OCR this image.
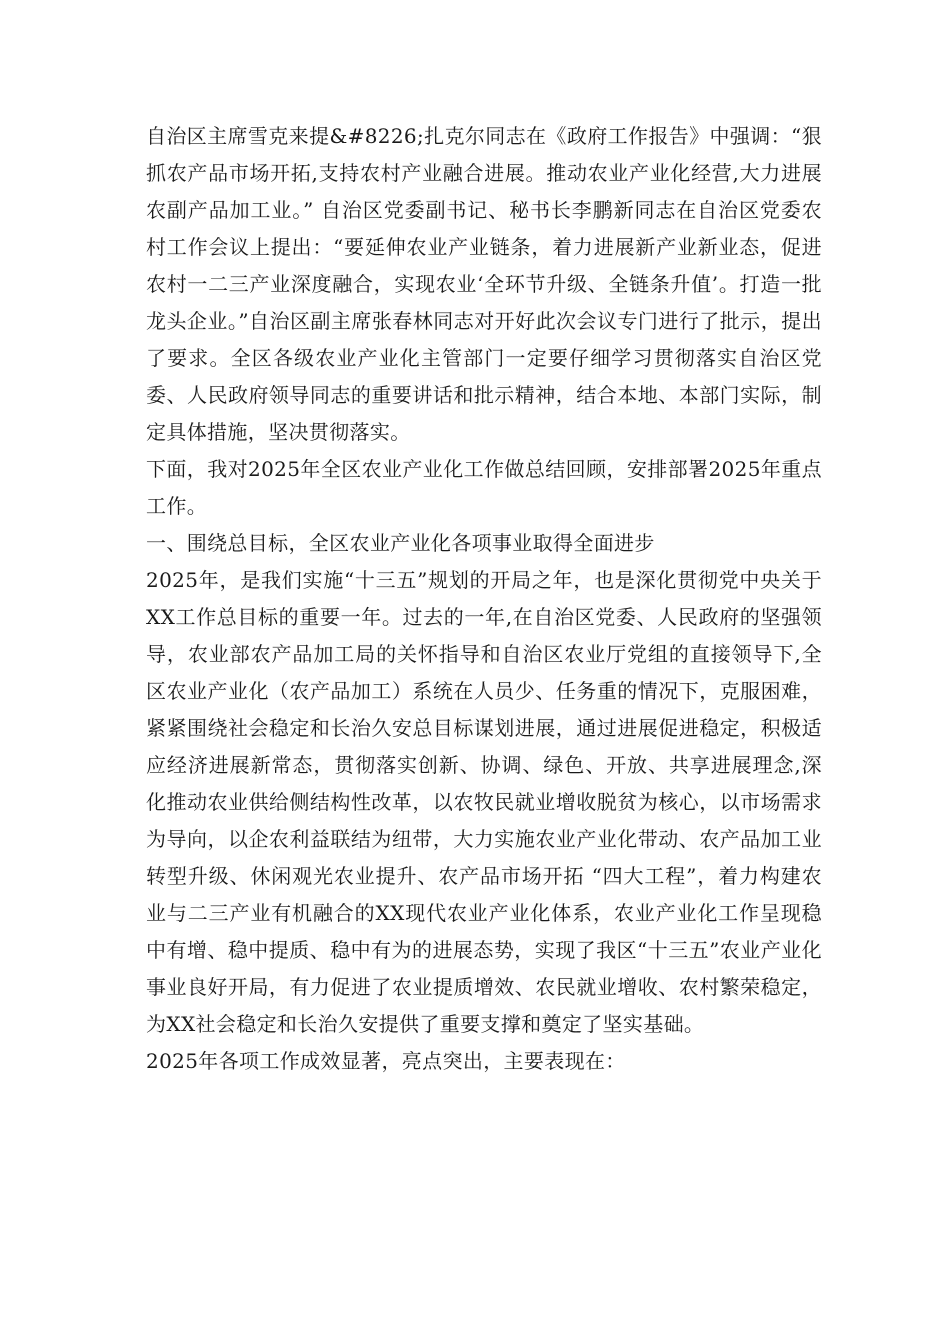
自治区主席雪克来提&#8226;扎克尔同志在《政府工作报告》中强调：“狠抓农产品市场开拓,支持农村产业融合进展。推动农业产业化经营,大力进展农副产品加工业。” 自治区党委副书记、秘书长李鹏新同志在自治区党委农村工作会议上提出：“要延伸农业产业链条，着力进展新产业新业态，促进农村一二三产业深度融合，实现农业‘全环节升级、全链条升值’。打造一批龙头企业。”自治区副主席张春林同志对开好此次会议专门进行了批示，提出了要求。全区各级农业产业化主管部门一定要仔细学习贯彻落实自治区党委、人民政府领导同志的重要讲话和批示精神，结合本地、本部门实际，制定具体措施，坚决贯彻落实。

下面，我对2025年全区农业产业化工作做总结回顾，安排部署2025年重点工作。

一、围绕总目标，全区农业产业化各项事业取得全面进步

2025年，是我们实施“十三五”规划的开局之年，也是深化贯彻党中央关于XX工作总目标的重要一年。过去的一年,在自治区党委、人民政府的坚强领导，农业部农产品加工局的关怀指导和自治区农业厅党组的直接领导下,全区农业产业化（农产品加工）系统在人员少、任务重的情况下，克服困难，紧紧围绕社会稳定和长治久安总目标谋划进展，通过进展促进稳定，积极适应经济进展新常态，贯彻落实创新、协调、绿色、开放、共享进展理念,深化推动农业供给侧结构性改革，以农牧民就业增收脱贫为核心，以市场需求为导向，以企农利益联结为纽带，大力实施农业产业化带动、农产品加工业转型升级、休闲观光农业提升、农产品市场开拓 “四大工程”，着力构建农业与二三产业有机融合的XX现代农业产业化体系，农业产业化工作呈现稳中有增、稳中提质、稳中有为的进展态势，实现了我区“十三五”农业产业化事业良好开局，有力促进了农业提质增效、农民就业增收、农村繁荣稳定，为XX社会稳定和长治久安提供了重要支撑和奠定了坚实基础。

2025年各项工作成效显著，亮点突出，主要表现在：
